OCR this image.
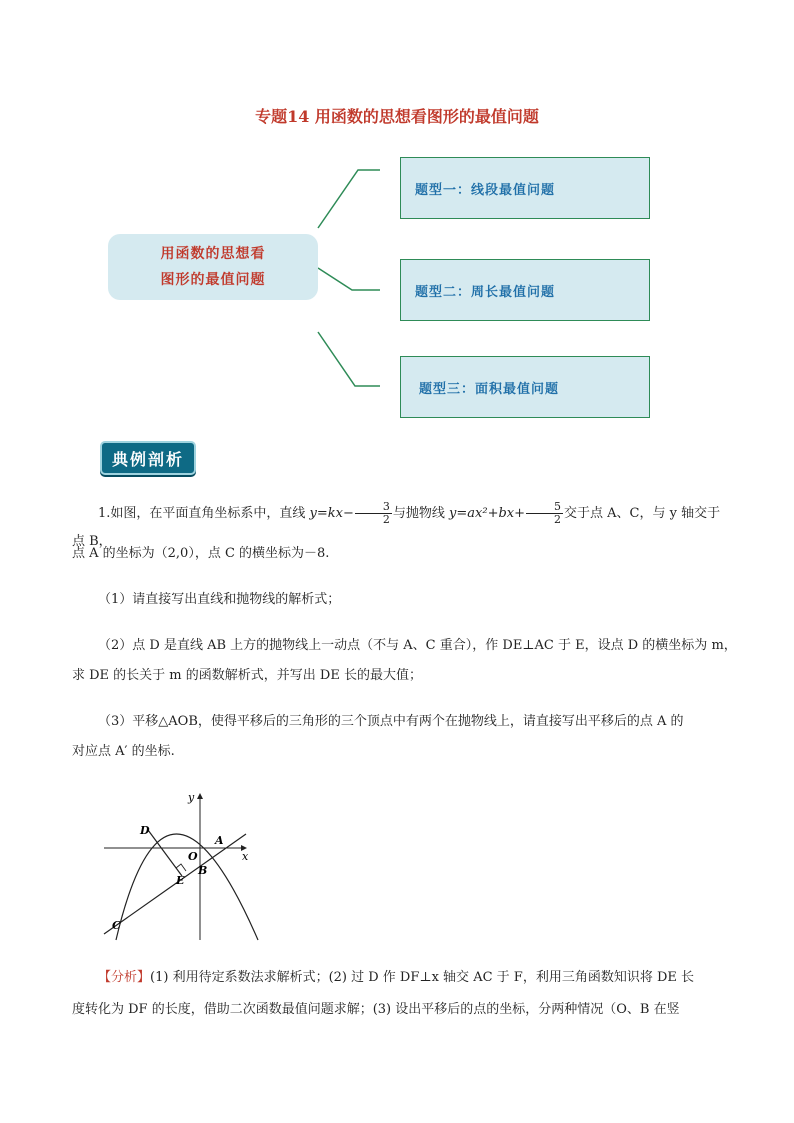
专题14 用函数的思想看图形的最值问题
用函数的思想看
图形的最值问题
题型一：线段最值问题
题型二：周长最值问题
题型三：面积最值问题
典例剖析
1.如图，在平面直角坐标系中，直线 $y=kx- \frac{3}{2}$ 与抛物线 $y=ax^2+bx+ \frac{5}{2}$ 交于点 A、C，与 y 轴交于点 B，
点 A 的坐标为（2,0），点 C 的横坐标为－8.
（1）请直接写出直线和抛物线的解析式；
（2）点 D 是直线 AB 上方的抛物线上一动点（不与 A、C 重合），作 DE⊥AC 于 E，设点 D 的横坐标为 m，
求 DE 的长关于 m 的函数解析式，并写出 DE 长的最大值；
（3）平移△AOB，使得平移后的三角形的三个顶点中有两个在抛物线上，请直接写出平移后的点 A 的
对应点 A′ 的坐标.
y
x
D
A
O
E
B
C
【分析】(1) 利用待定系数法求解析式；(2) 过 D 作 DF⊥x 轴交 AC 于 F，利用三角函数知识将 DE 长
度转化为 DF 的长度，借助二次函数最值问题求解；(3) 设出平移后的点的坐标，分两种情况（O、B 在竖
